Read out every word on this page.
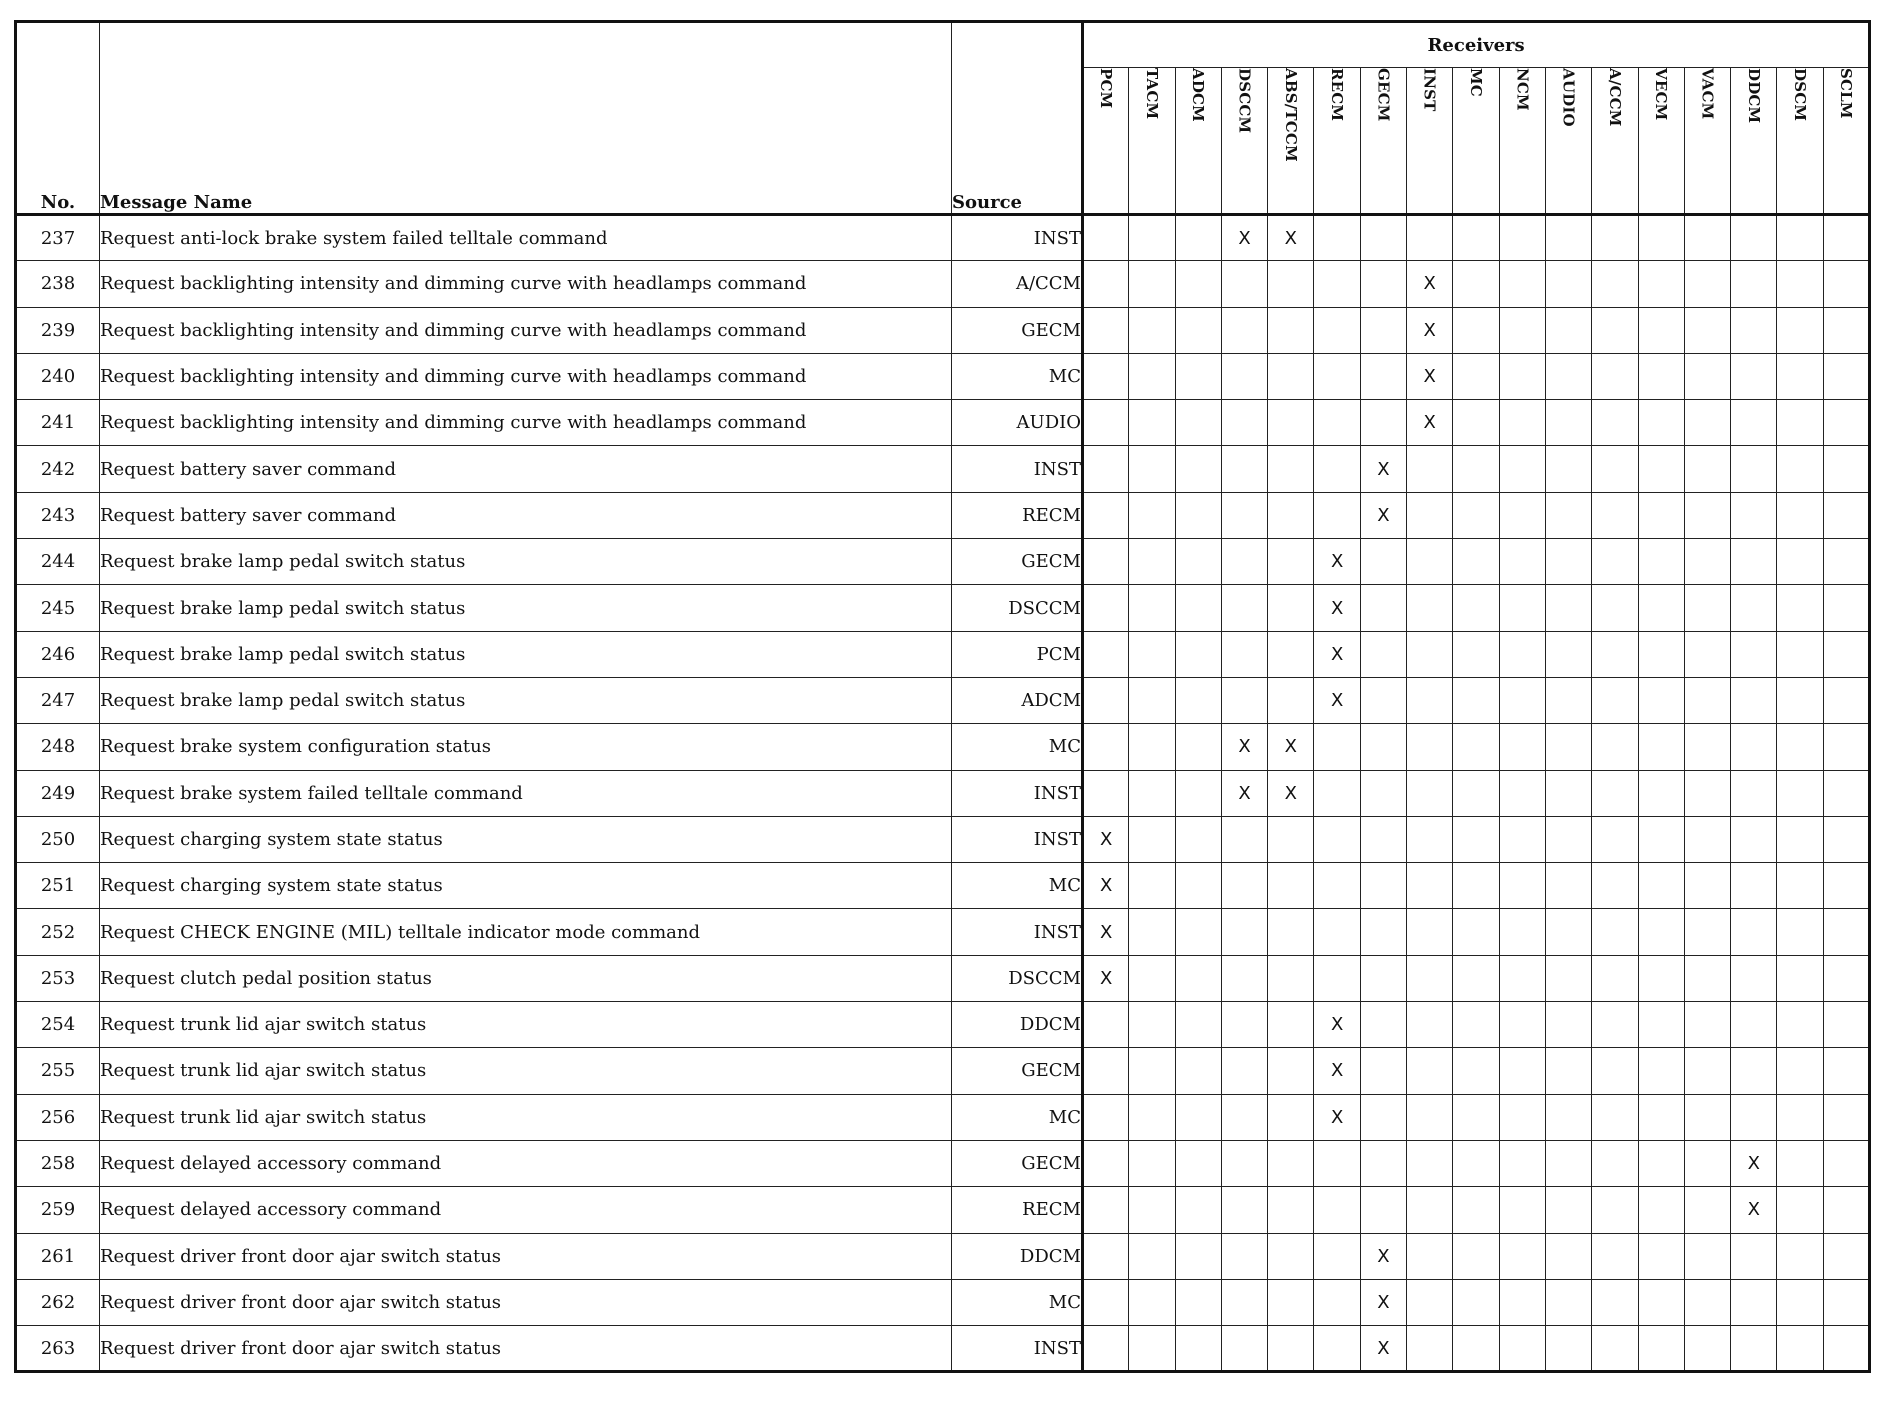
No.	Message Name	Source	Receivers																
			PCM	TACM	ADCM	DSCCM	ABS/TCCM	RECM	GECM	INST	MC	NCM	AUDIO	A/CCM	VECM	VACM	DDCM	DSCM	SCLM
237	Request anti-lock brake system failed telltale command	INST				X	X												
238	Request backlighting intensity and dimming curve with headlamps command	A/CCM								X									
239	Request backlighting intensity and dimming curve with headlamps command	GECM								X									
240	Request backlighting intensity and dimming curve with headlamps command	MC								X									
241	Request backlighting intensity and dimming curve with headlamps command	AUDIO								X									
242	Request battery saver command	INST							X										
243	Request battery saver command	RECM							X										
244	Request brake lamp pedal switch status	GECM						X											
245	Request brake lamp pedal switch status	DSCCM						X											
246	Request brake lamp pedal switch status	PCM						X											
247	Request brake lamp pedal switch status	ADCM						X											
248	Request brake system configuration status	MC				X	X												
249	Request brake system failed telltale command	INST				X	X												
250	Request charging system state status	INST	X																
251	Request charging system state status	MC	X																
252	Request CHECK ENGINE (MIL) telltale indicator mode command	INST	X																
253	Request clutch pedal position status	DSCCM	X																
254	Request trunk lid ajar switch status	DDCM						X											
255	Request trunk lid ajar switch status	GECM						X											
256	Request trunk lid ajar switch status	MC						X											
258	Request delayed accessory command	GECM															X		
259	Request delayed accessory command	RECM															X		
261	Request driver front door ajar switch status	DDCM							X										
262	Request driver front door ajar switch status	MC							X										
263	Request driver front door ajar switch status	INST							X										
